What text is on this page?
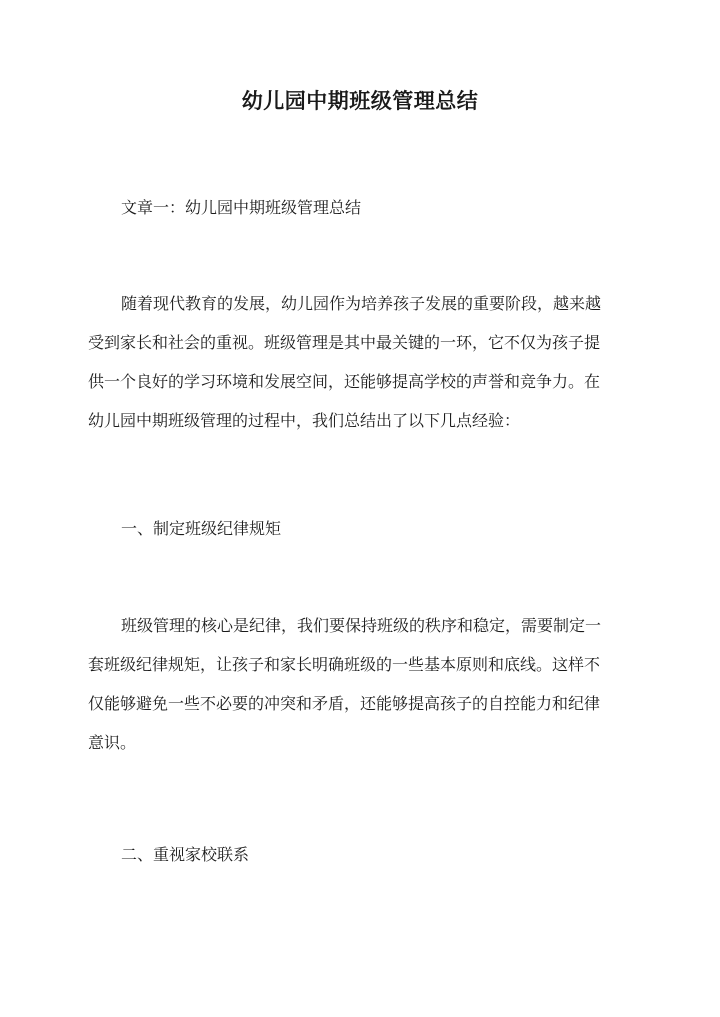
幼儿园中期班级管理总结
文章一：幼儿园中期班级管理总结
随着现代教育的发展，幼儿园作为培养孩子发展的重要阶段，越来越
受到家长和社会的重视。班级管理是其中最关键的一环，它不仅为孩子提
供一个良好的学习环境和发展空间，还能够提高学校的声誉和竞争力。在
幼儿园中期班级管理的过程中，我们总结出了以下几点经验：
一、制定班级纪律规矩
班级管理的核心是纪律，我们要保持班级的秩序和稳定，需要制定一
套班级纪律规矩，让孩子和家长明确班级的一些基本原则和底线。这样不
仅能够避免一些不必要的冲突和矛盾，还能够提高孩子的自控能力和纪律
意识。
二、重视家校联系
